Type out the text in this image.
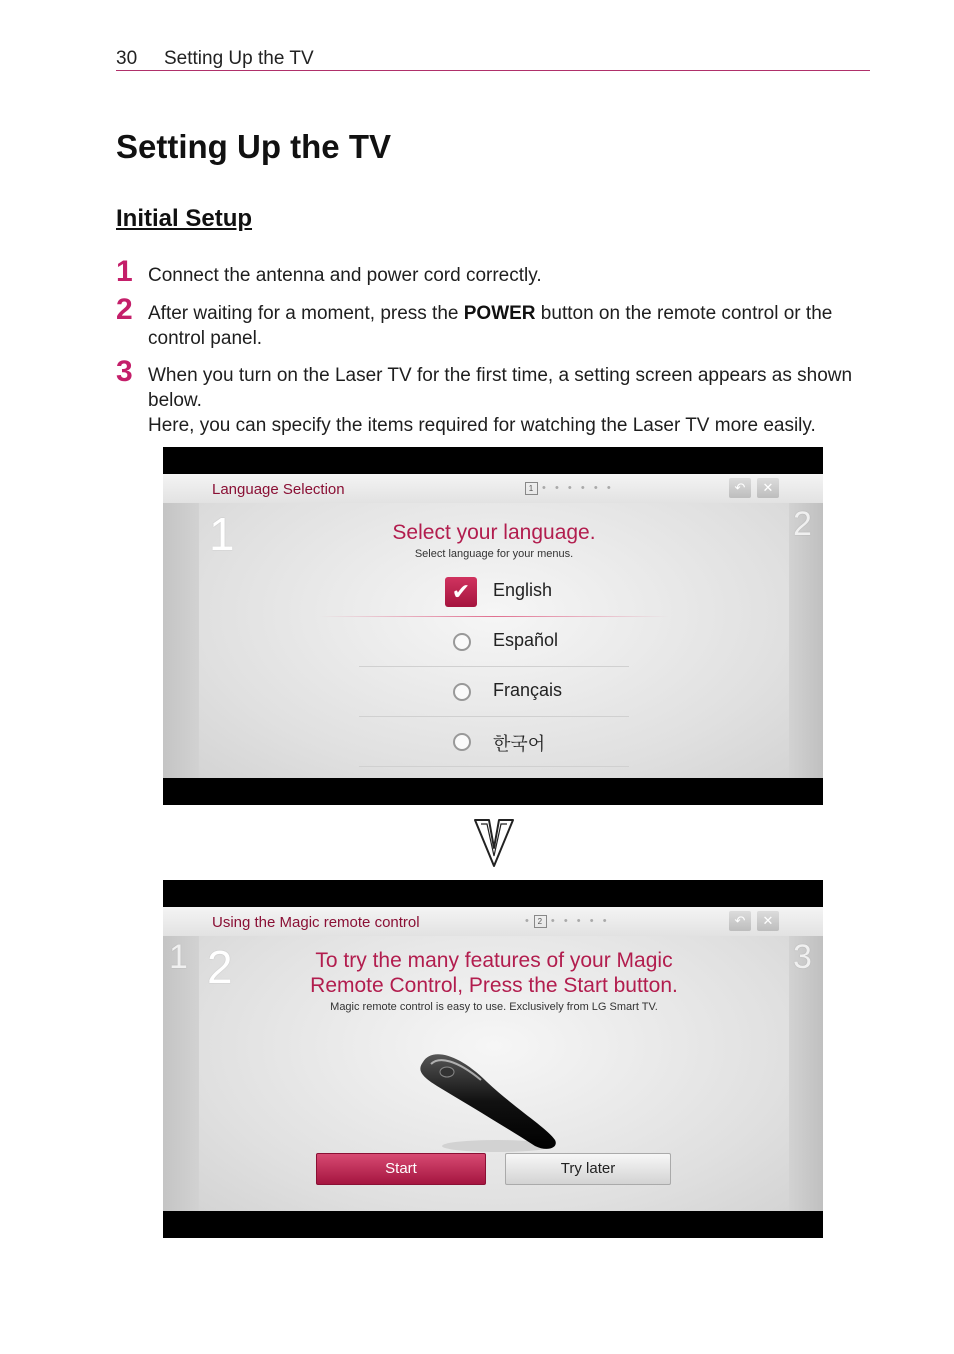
30 Setting Up the TV
Setting Up the TV
Initial Setup
1 Connect the antenna and power cord correctly.
2 After waiting for a moment, press the POWER button on the remote control or the control panel.
3 When you turn on the Laser TV for the first time, a setting screen appears as shown below.
Here, you can specify the items required for watching the Laser TV more easily.
Language Selection	1 •  •  •  •  •  •	↶	✕
2
1	Select your language.
Select language for your menus.
✔	English
Español
Français
한국어
Using the Magic remote control	• 2 •  •  •  •  •	↶	✕
1	3
2	To try the many features of your Magic
Remote Control, Press the Start button.
Magic remote control is easy to use. Exclusively from LG Smart TV.
Start	Try later
